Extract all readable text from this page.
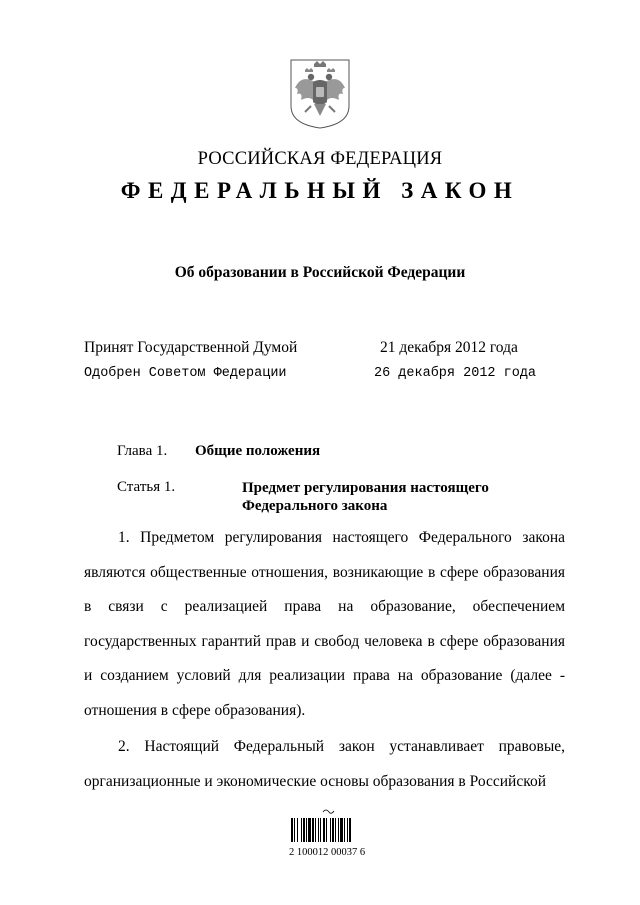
РОССИЙСКАЯ ФЕДЕРАЦИЯ
ФЕДЕРАЛЬНЫЙ ЗАКОН
Об образовании в Российской Федерации
Принят Государственной Думой	21 декабря 2012 года
Одобрен Советом Федерации	26 декабря 2012 года
Глава 1. Общие положения
Статья 1.	Предмет регулирования настоящего Федерального закона

1. Предметом регулирования настоящего Федерального закона являются общественные отношения, возникающие в сфере образования в связи с реализацией права на образование, обеспечением государственных гарантий прав и свобод человека в сфере образования и созданием условий для реализации права на образование (далее - отношения в сфере образования).

2. Настоящий Федеральный закон устанавливает правовые, организационные и экономические основы образования в Российской

2 100012 00037 6
